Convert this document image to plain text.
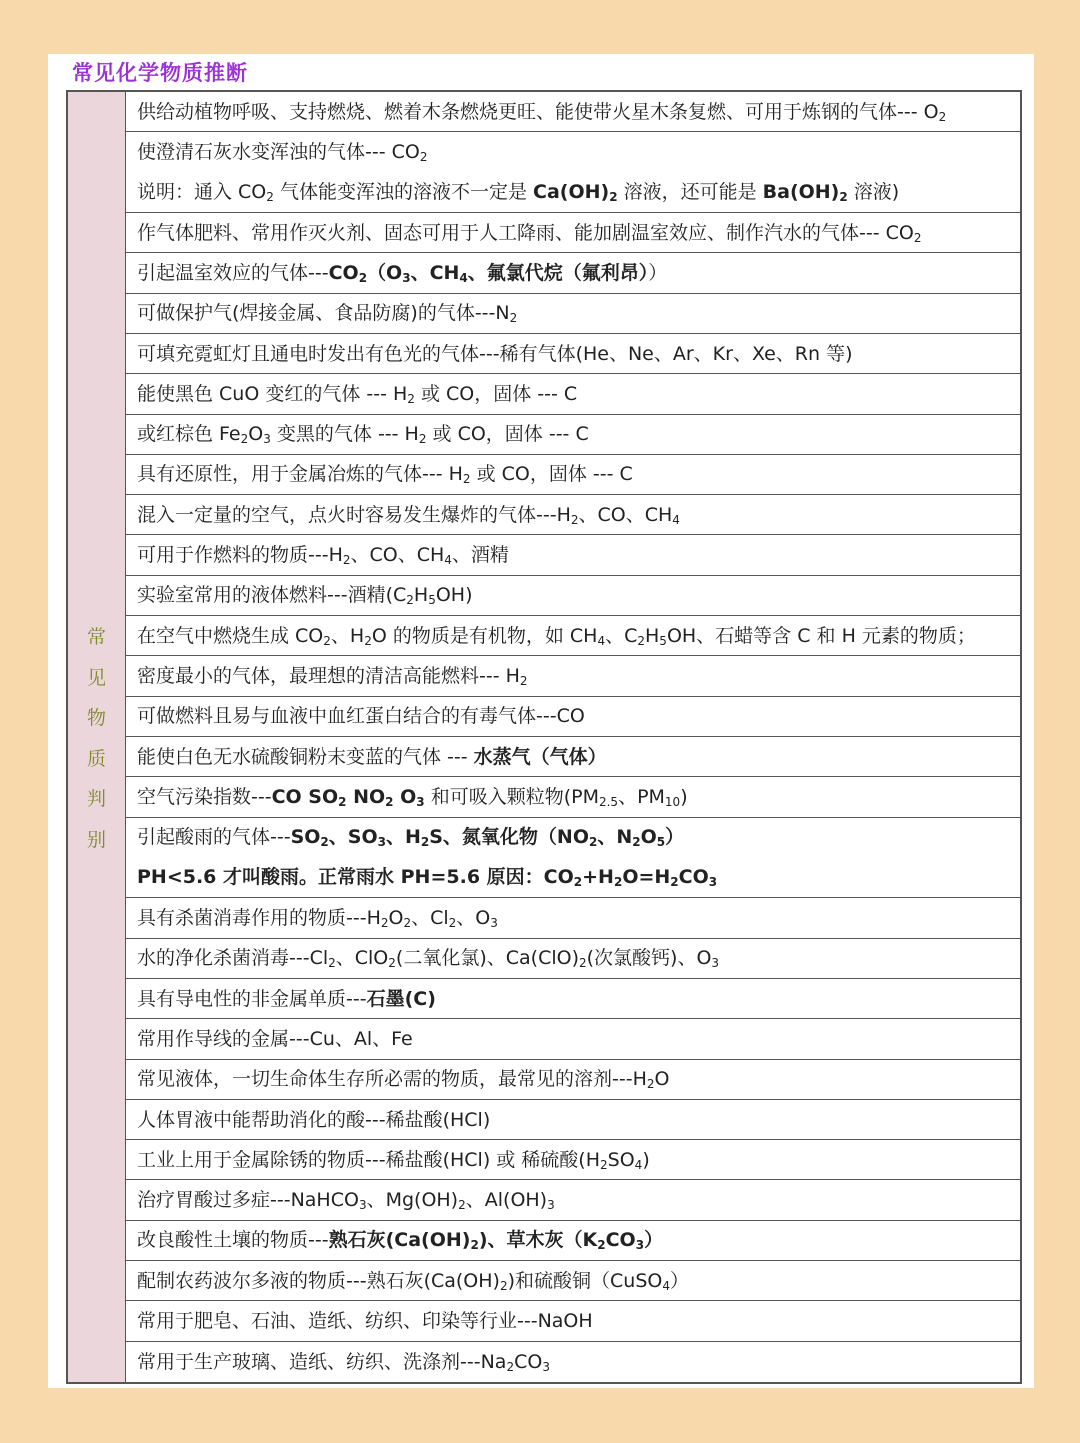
常见化学物质推断
常
见
物
质
判
别
供给动植物呼吸、支持燃烧、燃着木条燃烧更旺、能使带火星木条复燃、可用于炼钢的气体--- $O_2$
使澄清石灰水变浑浊的气体--- $CO_2$
说明：通入 $CO_2$ 气体能变浑浊的溶液不一定是 $Ca(OH)_2$ 溶液，还可能是 $Ba(OH)_2$ 溶液)
作气体肥料、常用作灭火剂、固态可用于人工降雨、能加剧温室效应、制作汽水的气体--- $CO_2$
引起温室效应的气体$---CO_2(O_3$、$CH_4$、氟氯代烷（氟利昂））
可做保护气(焊接金属、食品防腐)的气体$---N_2$
可填充霓虹灯且通电时发出有色光的气体---稀有气体(He、Ne、Ar、Kr、Xe、Rn 等)
能使黑色 CuO 变红的气体 --- $H_2$ 或 CO，固体 --- C
或红棕色 $Fe_2O_3$ 变黑的气体 --- $H_2$ 或 CO，固体 --- C
具有还原性，用于金属冶炼的气体--- $H_2$ 或 CO，固体 --- C
混入一定量的空气，点火时容易发生爆炸的气体$---H_2$、CO、$CH_4$
可用于作燃料的物质$---H_2$、CO、$CH_4$、酒精
实验室常用的液体燃料---酒精$(C_2H_5OH)$
在空气中燃烧生成 $CO_2$、$H_2O$ 的物质是有机物，如 $CH_4$、$C_2H_5OH$、石蜡等含 C 和 H 元素的物质；
密度最小的气体，最理想的清洁高能燃料--- $H_2$
可做燃料且易与血液中血红蛋白结合的有毒气体---CO
能使白色无水硫酸铜粉末变蓝的气体 --- 水蒸气（气体）
空气污染指数---CO $SO_2$ $NO_2$ $O_3$ 和可吸入颗粒物($PM_{2.5}$、$PM_{10}$)
引起酸雨的气体$---SO_2$、$SO_3$、$H_2S$、氮氧化物（$NO_2$、$N_2O_5$）
PH<5.6 才叫酸雨。正常雨水 PH=5.6 原因：$CO_2+H_2O=H_2CO_3$
具有杀菌消毒作用的物质$---H_2O_2$、$Cl_2$、$O_3$
水的净化杀菌消毒$---Cl_2$、ClO$_2$(二氧化氯)、$Ca(ClO)_2$(次氯酸钙)、$O_3$
具有导电性的非金属单质---石墨(C)
常用作导线的金属---Cu、Al、Fe
常见液体，一切生命体生存所必需的物质，最常见的溶剂$---H_2O$
人体胃液中能帮助消化的酸---稀盐酸(HCl)
工业上用于金属除锈的物质---稀盐酸(HCl) 或 稀硫酸$(H_2SO_4)$
治疗胃酸过多症---NaHCO$_3$、$Mg(OH)_2$、$Al(OH)_3$
改良酸性土壤的物质---熟石灰$(Ca(OH)_2)$、草木灰$(K_2CO_3)$
配制农药波尔多液的物质---熟石灰$(Ca(OH)_2)$和硫酸铜（CuSO$_4$）
常用于肥皂、石油、造纸、纺织、印染等行业---NaOH
常用于生产玻璃、造纸、纺织、洗涤剂$---Na_2CO_3$
